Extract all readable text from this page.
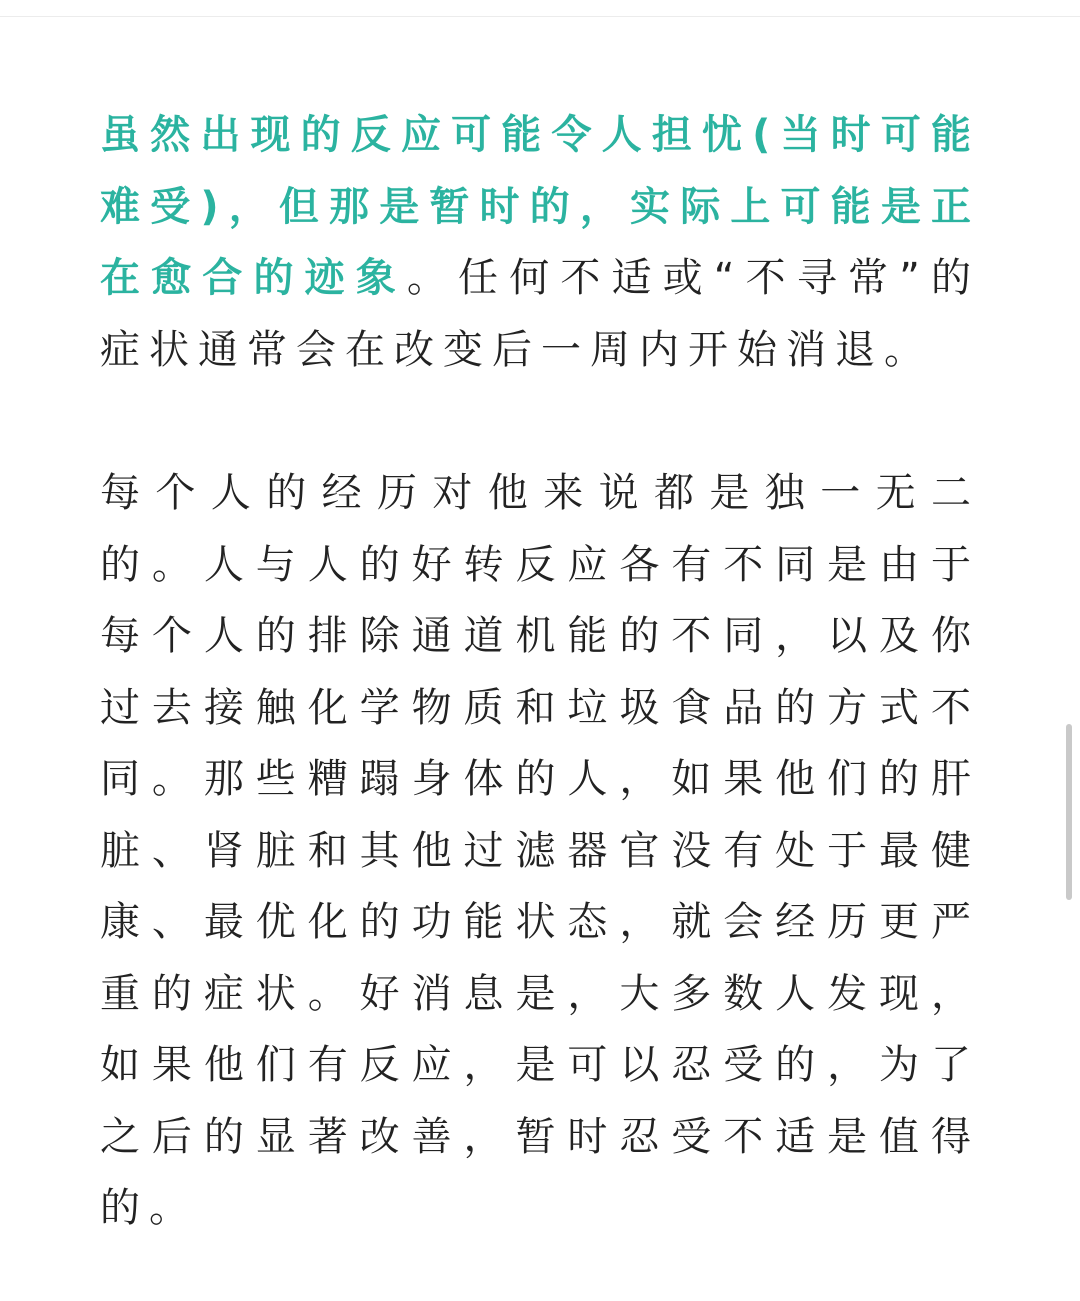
虽然出现的反应可能令人担忧(当时可能难受)，但那是暂时的，实际上可能是正在愈合的迹象。任何不适或“不寻常”的症状通常会在改变后一周内开始消退。

每个人的经历对他来说都是独一无二的。人与人的好转反应各有不同是由于每个人的排除通道机能的不同，以及你过去接触化学物质和垃圾食品的方式不同。那些糟蹋身体的人，如果他们的肝脏、肾脏和其他过滤器官没有处于最健康、最优化的功能状态，就会经历更严重的症状。好消息是，大多数人发现，如果他们有反应，是可以忍受的，为了之后的显著改善，暂时忍受不适是值得的。
